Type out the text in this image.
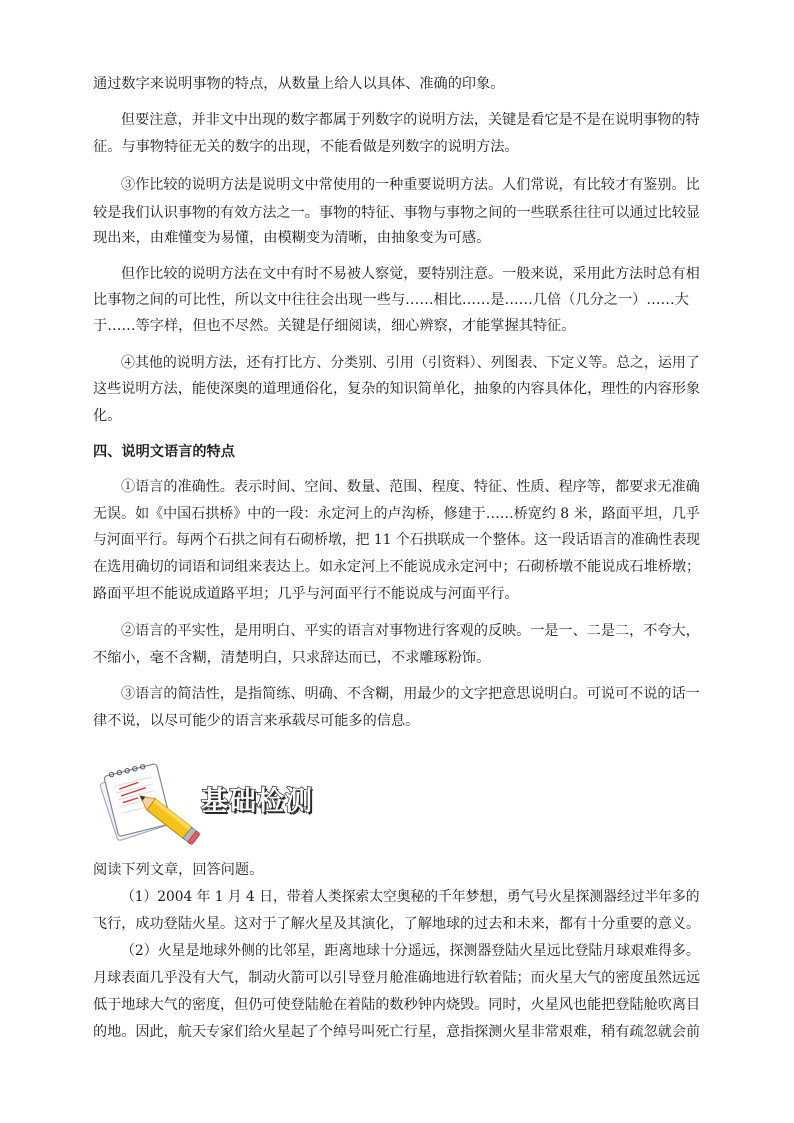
通过数字来说明事物的特点，从数量上给人以具体、准确的印象。
但要注意，并非文中出现的数字都属于列数字的说明方法，关键是看它是不是在说明事物的特
征。与事物特征无关的数字的出现，不能看做是列数字的说明方法。
③作比较的说明方法是说明文中常使用的一种重要说明方法。人们常说，有比较才有鉴别。比
较是我们认识事物的有效方法之一。事物的特征、事物与事物之间的一些联系往往可以通过比较显
现出来，由难懂变为易懂，由模糊变为清晰，由抽象变为可感。
但作比较的说明方法在文中有时不易被人察觉，要特别注意。一般来说，采用此方法时总有相
比事物之间的可比性，所以文中往往会出现一些与……相比……是……几倍（几分之一）……大
于……等字样，但也不尽然。关键是仔细阅读，细心辨察，才能掌握其特征。
④其他的说明方法，还有打比方、分类别、引用（引资料）、列图表、下定义等。总之，运用了
这些说明方法，能使深奥的道理通俗化，复杂的知识简单化，抽象的内容具体化，理性的内容形象
化。
四、说明文语言的特点
①语言的准确性。表示时间、空间、数量、范围、程度、特征、性质、程序等，都要求无准确
无误。如《中国石拱桥》中的一段：永定河上的卢沟桥，修建于……桥宽约 8 米，路面平坦，几乎
与河面平行。每两个石拱之间有石砌桥墩，把 11 个石拱联成一个整体。这一段话语言的准确性表现
在选用确切的词语和词组来表达上。如永定河上不能说成永定河中；石砌桥墩不能说成石堆桥墩；
路面平坦不能说成道路平坦；几乎与河面平行不能说成与河面平行。
②语言的平实性，是用明白、平实的语言对事物进行客观的反映。一是一、二是二，不夸大，
不缩小，毫不含糊，清楚明白，只求辞达而已，不求雕琢粉饰。
③语言的简洁性，是指简练、明确、不含糊，用最少的文字把意思说明白。可说可不说的话一
律不说，以尽可能少的语言来承载尽可能多的信息。
基础检测
阅读下列文章，回答问题。
（1）2004 年 1 月 4 日，带着人类探索太空奥秘的千年梦想，勇气号火星探测器经过半年多的
飞行，成功登陆火星。这对于了解火星及其演化，了解地球的过去和未来，都有十分重要的意义。
（2）火星是地球外侧的比邻星，距离地球十分遥远，探测器登陆火星远比登陆月球艰难得多。
月球表面几乎没有大气，制动火箭可以引导登月舱准确地进行软着陆；而火星大气的密度虽然远远
低于地球大气的密度，但仍可使登陆舱在着陆的数秒钟内烧毁。同时，火星风也能把登陆舱吹离目
的地。因此，航天专家们给火星起了个绰号叫死亡行星，意指探测火星非常艰难，稍有疏忽就会前
